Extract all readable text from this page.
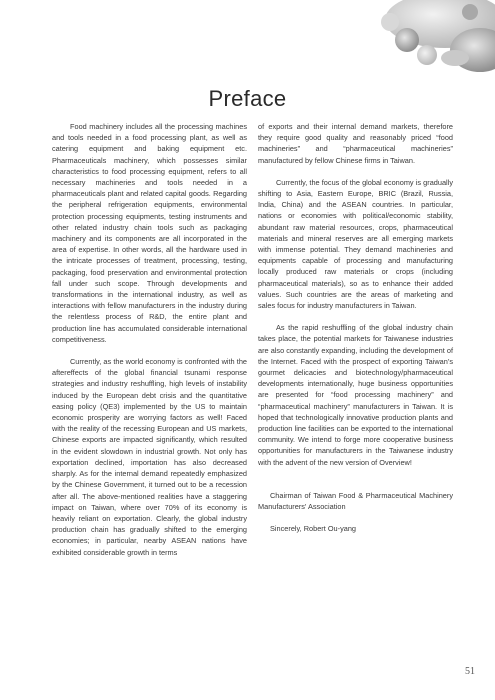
Preface

Food machinery includes all the processing machines and tools needed in a food processing plant, as well as catering equipment and baking equipment etc. Pharmaceuticals machinery, which possesses similar characteristics to food processing equipment, refers to all necessary machineries and tools needed in a pharmaceuticals plant and related capital goods. Regarding the peripheral refrigeration equipments, environmental protection processing equipments, testing instruments and other related industry chain tools such as packaging machinery and its components are all incorporated in the area of expertise. In other words, all the hardware used in the intricate processes of treatment, processing, testing, packaging, food preservation and environmental protection fall under such scope. Through developments and transformations in the international industry, as well as interactions with fellow manufacturers in the industry during the relentless process of R&D, the entire plant and production line has accumulated considerable international competitiveness.

Currently, as the world economy is confronted with the aftereffects of the global financial tsunami response strategies and industry reshuffling, high levels of instability induced by the European debt crisis and the quantitative easing policy (QE3) implemented by the US to maintain economic prosperity are worrying factors as well! Faced with the reality of the recessing European and US markets, Chinese exports are impacted significantly, which resulted in the evident slowdown in industrial growth. Not only has exportation declined, importation has also decreased sharply. As for the internal demand repeatedly emphasized by the Chinese Government, it turned out to be a recession after all. The above-mentioned realities have a staggering impact on Taiwan, where over 70% of its economy is heavily reliant on exportation. Clearly, the global industry production chain has gradually shifted to the emerging economies; in particular, nearby ASEAN nations have exhibited considerable growth in terms

of exports and their internal demand markets, therefore they require good quality and reasonably priced “food machineries” and “pharmaceutical machineries” manufactured by fellow Chinese firms in Taiwan.

Currently, the focus of the global economy is gradually shifting to Asia, Eastern Europe, BRIC (Brazil, Russia, India, China) and the ASEAN countries. In particular, nations or economies with political/economic stability, abundant raw material resources, crops, pharmaceutical materials and mineral reserves are all emerging markets with immense potential. They demand machineries and equipments capable of processing and manufacturing locally produced raw materials or crops (including pharmaceutical materials), so as to enhance their added values. Such countries are the areas of marketing and sales focus for industry manufacturers in Taiwan.

As the rapid reshuffling of the global industry chain takes place, the potential markets for Taiwanese industries are also constantly expanding, including the development of the Internet. Faced with the prospect of exporting Taiwan’s gourmet delicacies and biotechnology/pharmaceutical developments internationally, huge business opportunities are presented for “food processing machinery” and “pharmaceutical machinery” manufacturers in Taiwan. It is hoped that technologically innovative production plants and production line facilities can be exported to the international community. We intend to forge more cooperative business opportunities for manufacturers in the Taiwanese industry with the advent of the new version of Overview!

Chairman of Taiwan Food & Pharmaceutical Machinery Manufacturers' Association
Sincerely, Robert Ou-yang
51
